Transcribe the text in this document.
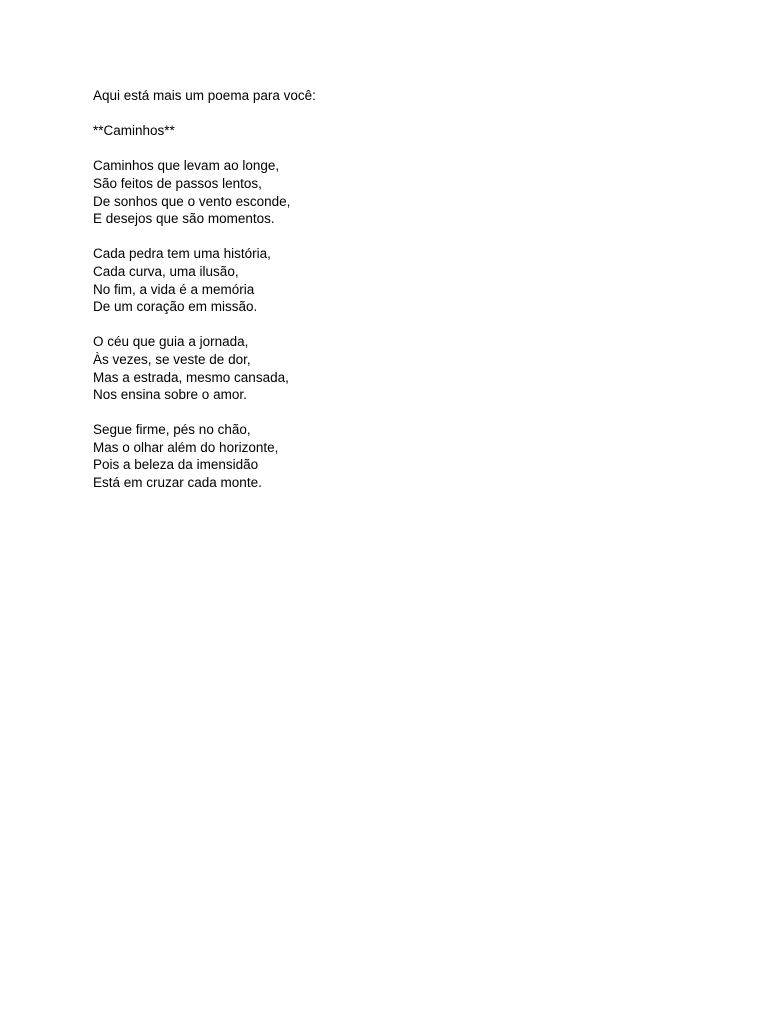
Aqui está mais um poema para você:

**Caminhos**

Caminhos que levam ao longe,

São feitos de passos lentos,

De sonhos que o vento esconde,

E desejos que são momentos.

Cada pedra tem uma história,

Cada curva, uma ilusão,

No fim, a vida é a memória

De um coração em missão.

O céu que guia a jornada,

Às vezes, se veste de dor,

Mas a estrada, mesmo cansada,

Nos ensina sobre o amor.

Segue firme, pés no chão,

Mas o olhar além do horizonte,

Pois a beleza da imensidão

Está em cruzar cada monte.
